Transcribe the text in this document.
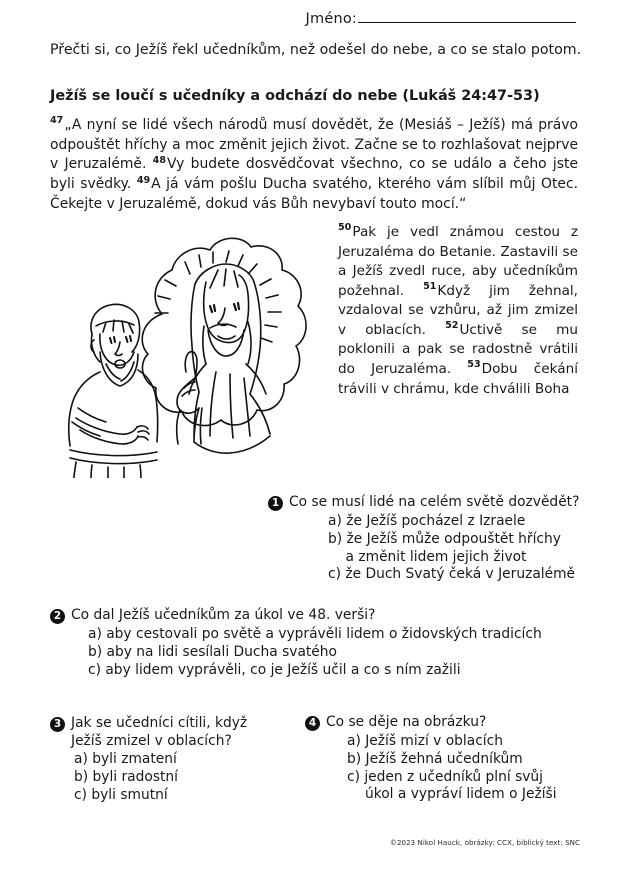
Jméno:
Přečti si, co Ježíš řekl učedníkům, než odešel do nebe, a co se stalo potom.
Ježíš se loučí s učedníky a odchází do nebe (Lukáš 24:47-53)

$^{47}$„A nyní se lidé všech národů musí dovědět, že (Mesiáš – Ježíš) má právo odpouštět hříchy a moc změnit jejich život. Začne se to rozhlašovat nejprve v Jeruzalémě. $^{48}$Vy budete dosvědčovat všechno, co se událo a čeho jste byli svědky. $^{49}$A já vám pošlu Ducha svatého, kterého vám slíbil můj Otec. Čekejte v Jeruzalémě, dokud vás Bůh nevybaví touto mocí.“

$^{50}$Pak je vedl známou cestou z Jeruzaléma do Betanie. Zastavili se a Ježíš zvedl ruce, aby učedníkům požehnal. $^{51}$Když jim žehnal, vzdaloval se vzhůru, až jim zmizel v oblacích. $^{52}$Uctivě se mu poklonili a pak se radostně vrátili do Jeruzaléma. $^{53}$Dobu čekání trávili v chrámu, kde chválili Boha

1 Co se musí lidé na celém světě dozvědět?
a) že Ježíš pocházel z Izraele
b) že Ježíš může odpouštět hříchy
a změnit lidem jejich život
c) že Duch Svatý čeká v Jeruzalémě
2 Co dal Ježíš učedníkům za úkol ve 48. verši?
a) aby cestovali po světě a vyprávěli lidem o židovských tradicích
b) aby na lidi sesílali Ducha svatého
c) aby lidem vyprávěli, co je Ježíš učil a co s ním zažili
3 Jak se učedníci cítili, když
Ježíš zmizel v oblacích?
a) byli zmatení
b) byli radostní
c) byli smutní
4 Co se děje na obrázku?
a) Ježíš mizí v oblacích
b) Ježíš žehná učedníkům
c) jeden z učedníků plní svůj
úkol a vypráví lidem o Ježíši
©2023 Nikol Hauck, obrázky: CCX, biblický text: SNC
